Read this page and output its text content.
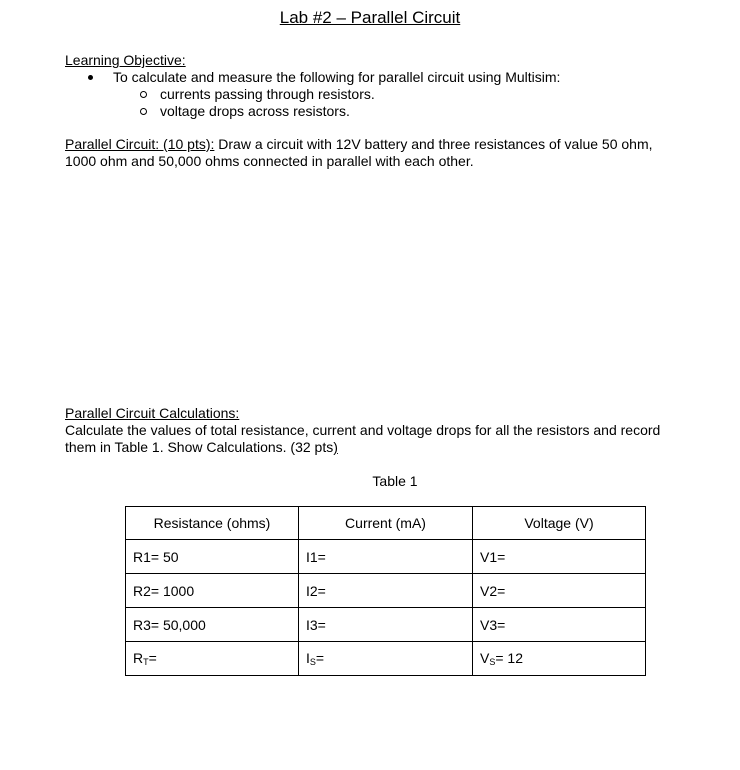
Lab #2 – Parallel Circuit
Learning Objective:
To calculate and measure the following for parallel circuit using Multisim:
currents passing through resistors.
voltage drops across resistors.
Parallel Circuit: (10 pts): Draw a circuit with 12V battery and three resistances of value 50 ohm,
1000 ohm and 50,000 ohms connected in parallel with each other.
Parallel Circuit Calculations:
Calculate the values of total resistance, current and voltage drops for all the resistors and record
them in Table 1. Show Calculations. (32 pts)
Table 1
Resistance (ohms)	Current (mA)	Voltage (V)
R1= 50	I1=	V1=
R2= 1000	I2=	V2=
R3= 50,000	I3=	V3=
$R_T=$	$I_S=$	$V_S= 12$
